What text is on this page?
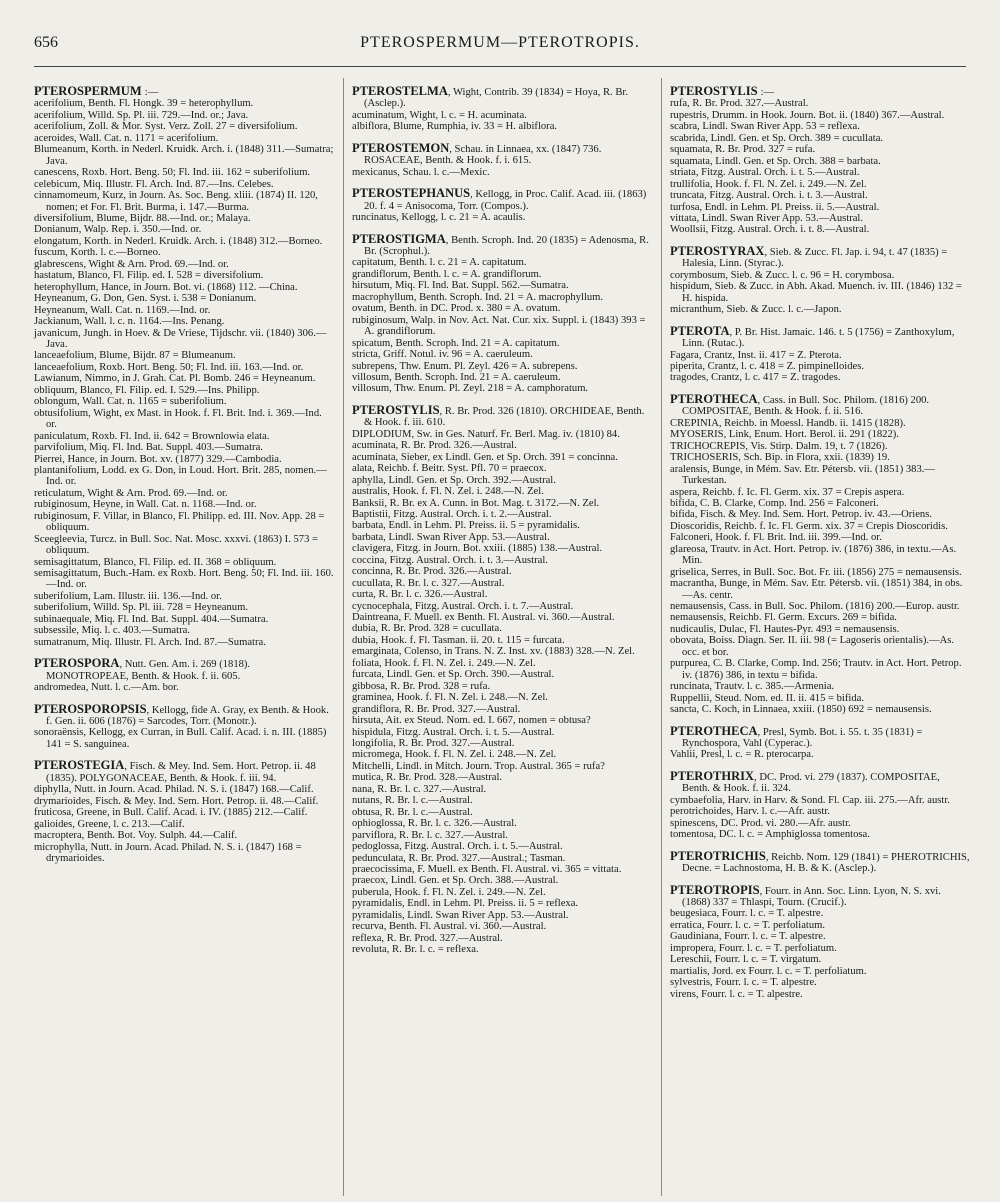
656	PTEROSPERMUM—PTEROTROPIS.
PTEROSPERMUM :—
acerifolium, Benth. Fl. Hongk. 39 = heterophyllum.
acerifolium, Willd. Sp. Pl. iii. 729.—Ind. or.; Java.
acerifolium, Zoll. & Mor. Syst. Verz. Zoll. 27 = diversifolium.
aceroides, Wall. Cat. n. 1171 = acerifolium.
Blumeanum, Korth. in Nederl. Kruidk. Arch. i. (1848) 311.—Sumatra; Java.
canescens, Roxb. Hort. Beng. 50; Fl. Ind. iii. 162 = suberifolium.
celebicum, Miq. Illustr. Fl. Arch. Ind. 87.—Ins. Celebes.
cinnamomeum, Kurz, in Journ. As. Soc. Beng. xliii. (1874) II. 120, nomen; et For. Fl. Brit. Burma, i. 147.—Burma.
diversifolium, Blume, Bijdr. 88.—Ind. or.; Malaya.
Donianum, Walp. Rep. i. 350.—Ind. or.
elongatum, Korth. in Nederl. Kruidk. Arch. i. (1848) 312.—Borneo.
fuscum, Korth. l. c.—Borneo.
glabrescens, Wight & Arn. Prod. 69.—Ind. or.
hastatum, Blanco, Fl. Filip. ed. I. 528 = diversifolium.
heterophyllum, Hance, in Journ. Bot. vi. (1868) 112. —China.
Heyneanum, G. Don, Gen. Syst. i. 538 = Donianum.
Heyneanum, Wall. Cat. n. 1169.—Ind. or.
Jackianum, Wall. l. c. n. 1164.—Ins. Penang.
javanicum, Jungh. in Hoev. & De Vriese, Tijdschr. vii. (1840) 306.—Java.
lanceaefolium, Blume, Bijdr. 87 = Blumeanum.
lanceaefolium, Roxb. Hort. Beng. 50; Fl. Ind. iii. 163.—Ind. or.
Lawianum, Nimmo, in J. Grah. Cat. Pl. Bomb. 246 = Heyneanum.
obliquum, Blanco, Fl. Filip. ed. I. 529.—Ins. Philipp.
oblongum, Wall. Cat. n. 1165 = suberifolium.
obtusifolium, Wight, ex Mast. in Hook. f. Fl. Brit. Ind. i. 369.—Ind. or.
paniculatum, Roxb. Fl. Ind. ii. 642 = Brownlowia elata.
parvifolium, Miq. Fl. Ind. Bat. Suppl. 403.—Sumatra.
Pierrei, Hance, in Journ. Bot. xv. (1877) 329.—Cambodia.
plantanifolium, Lodd. ex G. Don, in Loud. Hort. Brit. 285, nomen.—Ind. or.
reticulatum, Wight & Arn. Prod. 69.—Ind. or.
rubiginosum, Heyne, in Wall. Cat. n. 1168.—Ind. or.
rubiginosum, F. Villar, in Blanco, Fl. Philipp. ed. III. Nov. App. 28 = obliquum.
Sceegleevia, Turcz. in Bull. Soc. Nat. Mosc. xxxvi. (1863) I. 573 = obliquum.
semisagittatum, Blanco, Fl. Filip. ed. II. 368 = obliquum.
semisagittatum, Buch.-Ham. ex Roxb. Hort. Beng. 50; Fl. Ind. iii. 160.—Ind. or.
suberifolium, Lam. Illustr. iii. 136.—Ind. or.
suberifolium, Willd. Sp. Pl. iii. 728 = Heyneanum.
subinaequale, Miq. Fl. Ind. Bat. Suppl. 404.—Sumatra.
subsessile, Miq. l. c. 403.—Sumatra.
sumatranum, Miq. Illustr. Fl. Arch. Ind. 87.—Sumatra.
PTEROSPORA, Nutt. Gen. Am. i. 269 (1818). MONOTROPEAE, Benth. & Hook. f. ii. 605.
andromedea, Nutt. l. c.—Am. bor.
PTEROSPOROPSIS, Kellogg, fide A. Gray, ex Benth. & Hook. f. Gen. ii. 606 (1876) = Sarcodes, Torr. (Monotr.).
sonoraënsis, Kellogg, ex Curran, in Bull. Calif. Acad. i. n. III. (1885) 141 = S. sanguinea.
PTEROSTEGIA, Fisch. & Mey. Ind. Sem. Hort. Petrop. ii. 48 (1835). POLYGONACEAE, Benth. & Hook. f. iii. 94.
diphylla, Nutt. in Journ. Acad. Philad. N. S. i. (1847) 168.—Calif.
drymarioides, Fisch. & Mey. Ind. Sem. Hort. Petrop. ii. 48.—Calif.
fruticosa, Greene, in Bull. Calif. Acad. i. IV. (1885) 212.—Calif.
galioides, Greene, l. c. 213.—Calif.
macroptera, Benth. Bot. Voy. Sulph. 44.—Calif.
microphylla, Nutt. in Journ. Acad. Philad. N. S. i. (1847) 168 = drymarioides.
PTEROSTELMA, Wight, Contrib. 39 (1834) = Hoya, R. Br. (Asclep.).
acuminatum, Wight, l. c. = H. acuminata.
albiflora, Blume, Rumphia, iv. 33 = H. albiflora.
PTEROSTEMON, Schau. in Linnaea, xx. (1847) 736. ROSACEAE, Benth. & Hook. f. i. 615.
mexicanus, Schau. l. c.—Mexic.
PTEROSTEPHANUS, Kellogg, in Proc. Calif. Acad. iii. (1863) 20. f. 4 = Anisocoma, Torr. (Compos.).
runcinatus, Kellogg, l. c. 21 = A. acaulis.
PTEROSTIGMA, Benth. Scroph. Ind. 20 (1835) = Adenosma, R. Br. (Scrophul.).
capitatum, Benth. l. c. 21 = A. capitatum.
grandiflorum, Benth. l. c. = A. grandiflorum.
hirsutum, Miq. Fl. Ind. Bat. Suppl. 562.—Sumatra.
macrophyllum, Benth. Scroph. Ind. 21 = A. macrophyllum.
ovatum, Benth. in DC. Prod. x. 380 = A. ovatum.
rubiginosum, Walp. in Nov. Act. Nat. Cur. xix. Suppl. i. (1843) 393 = A. grandiflorum.
spicatum, Benth. Scroph. Ind. 21 = A. capitatum.
stricta, Griff. Notul. iv. 96 = A. caeruleum.
subrepens, Thw. Enum. Pl. Zeyl. 426 = A. subrepens.
villosum, Benth. Scroph. Ind. 21 = A. caeruleum.
villosum, Thw. Enum. Pl. Zeyl. 218 = A. camphoratum.
PTEROSTYLIS, R. Br. Prod. 326 (1810). ORCHIDEAE, Benth. & Hook. f. iii. 610.
DIPLODIUM, Sw. in Ges. Naturf. Fr. Berl. Mag. iv. (1810) 84.
acuminata, R. Br. Prod. 326.—Austral.
acuminata, Sieber, ex Lindl. Gen. et Sp. Orch. 391 = concinna.
alata, Reichb. f. Beitr. Syst. Pfl. 70 = praecox.
aphylla, Lindl. Gen. et Sp. Orch. 392.—Austral.
australis, Hook. f. Fl. N. Zel. i. 248.—N. Zel.
Banksii, R. Br. ex A. Cunn. in Bot. Mag. t. 3172.—N. Zel.
Baptistii, Fitzg. Austral. Orch. i. t. 2.—Austral.
barbata, Endl. in Lehm. Pl. Preiss. ii. 5 = pyramidalis.
barbata, Lindl. Swan River App. 53.—Austral.
clavigera, Fitzg. in Journ. Bot. xxiii. (1885) 138.—Austral.
coccina, Fitzg. Austral. Orch. i. t. 3.—Austral.
concinna, R. Br. Prod. 326.—Austral.
cucullata, R. Br. l. c. 327.—Austral.
curta, R. Br. l. c. 326.—Austral.
cycnocephala, Fitzg. Austral. Orch. i. t. 7.—Austral.
Daintreana, F. Muell. ex Benth. Fl. Austral. vi. 360.—Austral.
dubia, R. Br. Prod. 328 = cucullata.
dubia, Hook. f. Fl. Tasman. ii. 20. t. 115 = furcata.
emarginata, Colenso, in Trans. N. Z. Inst. xv. (1883) 328.—N. Zel.
foliata, Hook. f. Fl. N. Zel. i. 249.—N. Zel.
furcata, Lindl. Gen. et Sp. Orch. 390.—Austral.
gibbosa, R. Br. Prod. 328 = rufa.
graminea, Hook. f. Fl. N. Zel. i. 248.—N. Zel.
grandiflora, R. Br. Prod. 327.—Austral.
hirsuta, Ait. ex Steud. Nom. ed. I. 667, nomen = obtusa?
hispidula, Fitzg. Austral. Orch. i. t. 5.—Austral.
longifolia, R. Br. Prod. 327.—Austral.
micromega, Hook. f. Fl. N. Zel. i. 248.—N. Zel.
Mitchelli, Lindl. in Mitch. Journ. Trop. Austral. 365 = rufa?
mutica, R. Br. Prod. 328.—Austral.
nana, R. Br. l. c. 327.—Austral.
nutans, R. Br. l. c.—Austral.
obtusa, R. Br. l. c.—Austral.
ophioglossa, R. Br. l. c. 326.—Austral.
parviflora, R. Br. l. c. 327.—Austral.
pedoglossa, Fitzg. Austral. Orch. i. t. 5.—Austral.
pedunculata, R. Br. Prod. 327.—Austral.; Tasman.
praecocissima, F. Muell. ex Benth. Fl. Austral. vi. 365 = vittata.
praecox, Lindl. Gen. et Sp. Orch. 388.—Austral.
puberula, Hook. f. Fl. N. Zel. i. 249.—N. Zel.
pyramidalis, Endl. in Lehm. Pl. Preiss. ii. 5 = reflexa.
pyramidalis, Lindl. Swan River App. 53.—Austral.
recurva, Benth. Fl. Austral. vi. 360.—Austral.
reflexa, R. Br. Prod. 327.—Austral.
revoluta, R. Br. l. c. = reflexa.
PTEROSTYLIS :—
rufa, R. Br. Prod. 327.—Austral.
rupestris, Drumm. in Hook. Journ. Bot. ii. (1840) 367.—Austral.
scabra, Lindl. Swan River App. 53 = reflexa.
scabrida, Lindl. Gen. et Sp. Orch. 389 = cucullata.
squamata, R. Br. Prod. 327 = rufa.
squamata, Lindl. Gen. et Sp. Orch. 388 = barbata.
striata, Fitzg. Austral. Orch. i. t. 5.—Austral.
trullifolia, Hook. f. Fl. N. Zel. i. 249.—N. Zel.
truncata, Fitzg. Austral. Orch. i. t. 3.—Austral.
turfosa, Endl. in Lehm. Pl. Preiss. ii. 5.—Austral.
vittata, Lindl. Swan River App. 53.—Austral.
Woollsii, Fitzg. Austral. Orch. i. t. 8.—Austral.
PTEROSTYRAX, Sieb. & Zucc. Fl. Jap. i. 94, t. 47 (1835) = Halesia, Linn. (Styrac.).
corymbosum, Sieb. & Zucc. l. c. 96 = H. corymbosa.
hispidum, Sieb. & Zucc. in Abh. Akad. Muench. iv. III. (1846) 132 = H. hispida.
micranthum, Sieb. & Zucc. l. c.—Japon.
PTEROTA, P. Br. Hist. Jamaic. 146. t. 5 (1756) = Zanthoxylum, Linn. (Rutac.).
Fagara, Crantz, Inst. ii. 417 = Z. Pterota.
piperita, Crantz, l. c. 418 = Z. pimpinelloides.
tragodes, Crantz, l. c. 417 = Z. tragodes.
PTEROTHECA, Cass. in Bull. Soc. Philom. (1816) 200. COMPOSITAE, Benth. & Hook. f. ii. 516.
CREPINIA, Reichb. in Moessl. Handb. ii. 1415 (1828).
MYOSERIS, Link, Enum. Hort. Berol. ii. 291 (1822).
TRICHOCREPIS, Vis. Stirp. Dalm. 19, t. 7 (1826).
TRICHOSERIS, Sch. Bip. in Flora, xxii. (1839) 19.
aralensis, Bunge, in Mém. Sav. Etr. Pétersb. vii. (1851) 383.—Turkestan.
aspera, Reichb. f. Ic. Fl. Germ. xix. 37 = Crepis aspera.
bifida, C. B. Clarke, Comp. Ind. 256 = Falconeri.
bifida, Fisch. & Mey. Ind. Sem. Hort. Petrop. iv. 43.—Oriens.
Dioscoridis, Reichb. f. Ic. Fl. Germ. xix. 37 = Crepis Dioscoridis.
Falconeri, Hook. f. Fl. Brit. Ind. iii. 399.—Ind. or.
glareosa, Trautv. in Act. Hort. Petrop. iv. (1876) 386, in textu.—As. Min.
griselica, Serres, in Bull. Soc. Bot. Fr. iii. (1856) 275 = nemausensis.
macrantha, Bunge, in Mém. Sav. Etr. Pétersb. vii. (1851) 384, in obs.—As. centr.
nemausensis, Cass. in Bull. Soc. Philom. (1816) 200.—Europ. austr.
nemausensis, Reichb. Fl. Germ. Excurs. 269 = bifida.
nudicaulis, Dulac, Fl. Hautes-Pyr. 493 = nemausensis.
obovata, Boiss. Diagn. Ser. II. iii. 98 (= Lagoseris orientalis).—As. occ. et bor.
purpurea, C. B. Clarke, Comp. Ind. 256; Trautv. in Act. Hort. Petrop. iv. (1876) 386, in textu = bifida.
runcinata, Trautv. l. c. 385.—Armenia.
Ruppellii, Steud. Nom. ed. II. ii. 415 = bifida.
sancta, C. Koch, in Linnaea, xxiii. (1850) 692 = nemausensis.
PTEROTHECA, Presl, Symb. Bot. i. 55. t. 35 (1831) = Rynchospora, Vahl (Cyperac.).
Vahlii, Presl, l. c. = R. pterocarpa.
PTEROTHRIX, DC. Prod. vi. 279 (1837). COMPOSITAE, Benth. & Hook. f. ii. 324.
cymbaefolia, Harv. in Harv. & Sond. Fl. Cap. iii. 275.—Afr. austr.
perotrichoides, Harv. l. c.—Afr. austr.
spinescens, DC. Prod. vi. 280.—Afr. austr.
tomentosa, DC. l. c. = Amphiglossa tomentosa.
PTEROTRICHIS, Reichb. Nom. 129 (1841) = PHEROTRICHIS, Decne. = Lachnostoma, H. B. & K. (Asclep.).
PTEROTROPIS, Fourr. in Ann. Soc. Linn. Lyon, N. S. xvi. (1868) 337 = Thlaspi, Tourn. (Crucif.).
beugesiaca, Fourr. l. c. = T. alpestre.
erratica, Fourr. l. c. = T. perfoliatum.
Gaudiniana, Fourr. l. c. = T. alpestre.
impropera, Fourr. l. c. = T. perfoliatum.
Lereschii, Fourr. l. c. = T. virgatum.
martialis, Jord. ex Fourr. l. c. = T. perfoliatum.
sylvestris, Fourr. l. c. = T. alpestre.
virens, Fourr. l. c. = T. alpestre.
